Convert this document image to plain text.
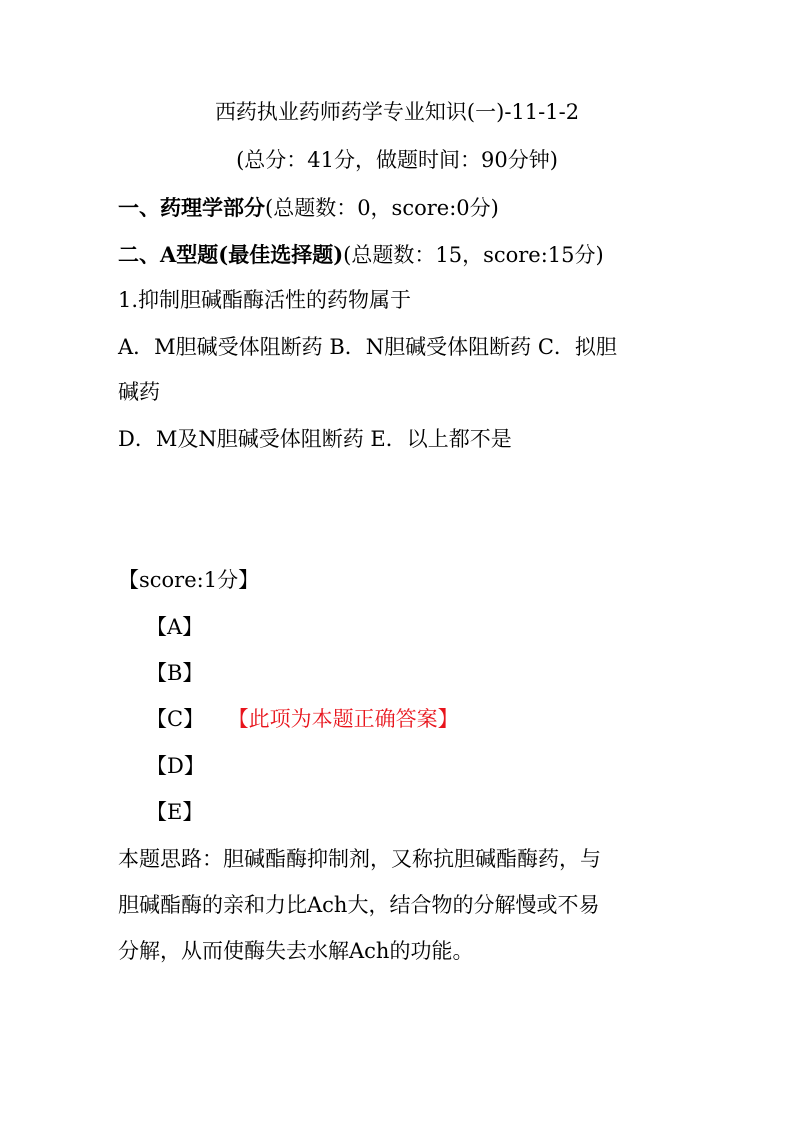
西药执业药师药学专业知识(一)-11-1-2
(总分：41分，做题时间：90分钟)
一、药理学部分(总题数：0，score:0分)
二、A型题(最佳选择题)(总题数：15，score:15分)
1.抑制胆碱酯酶活性的药物属于
A．M胆碱受体阻断药 B．N胆碱受体阻断药 C．拟胆
碱药
D．M及N胆碱受体阻断药 E．以上都不是
【score:1分】
【A】
【B】
【C】 【此项为本题正确答案】
【D】
【E】
本题思路：胆碱酯酶抑制剂，又称抗胆碱酯酶药，与
胆碱酯酶的亲和力比Ach大，结合物的分解慢或不易
分解，从而使酶失去水解Ach的功能。
